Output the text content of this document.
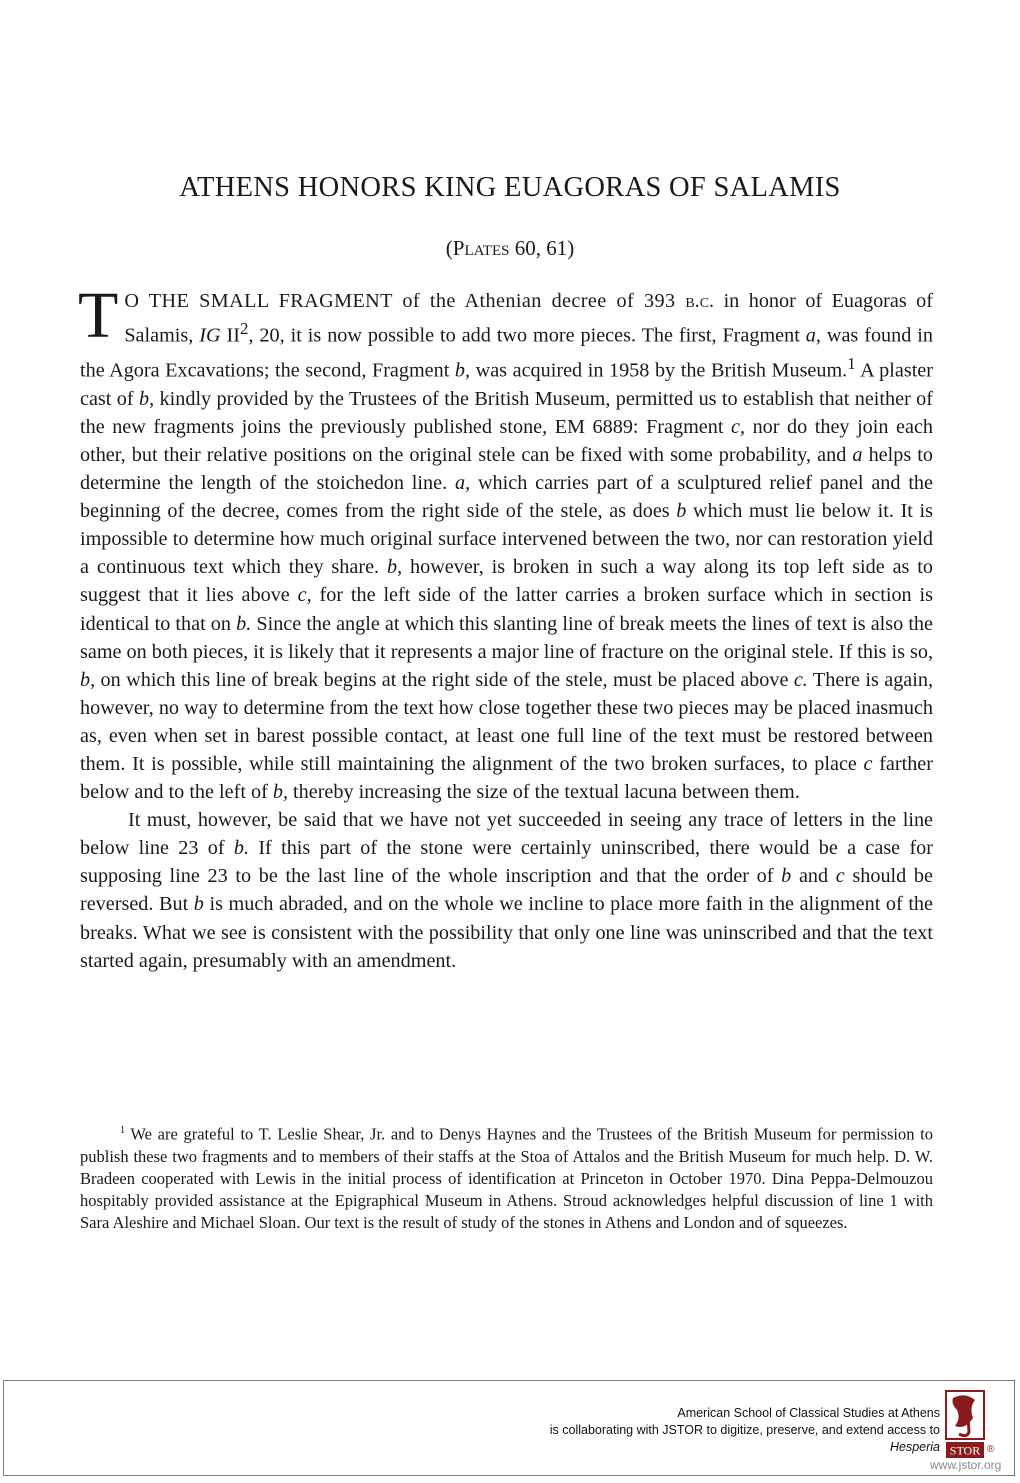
ATHENS HONORS KING EUAGORAS OF SALAMIS
(Plates 60, 61)

T O THE SMALL FRAGMENT of the Athenian decree of 393 b.c. in honor of Euagoras of Salamis, IG $II^2$, 20, it is now possible to add two more pieces. The first, Fragment a, was found in the Agora Excavations; the second, Fragment b, was acquired in 1958 by the British Museum.$^1$ A plaster cast of b, kindly provided by the Trustees of the British Museum, permitted us to establish that neither of the new fragments joins the previously published stone, EM 6889: Fragment c, nor do they join each other, but their relative positions on the original stele can be fixed with some probability, and a helps to determine the length of the stoichedon line. a, which carries part of a sculptured relief panel and the beginning of the decree, comes from the right side of the stele, as does b which must lie below it. It is impossible to determine how much original surface intervened between the two, nor can restoration yield a continuous text which they share. b, however, is broken in such a way along its top left side as to suggest that it lies above c, for the left side of the latter carries a broken surface which in section is identical to that on b. Since the angle at which this slanting line of break meets the lines of text is also the same on both pieces, it is likely that it represents a major line of fracture on the original stele. If this is so, b, on which this line of break begins at the right side of the stele, must be placed above c. There is again, however, no way to determine from the text how close together these two pieces may be placed inasmuch as, even when set in barest possible contact, at least one full line of the text must be restored between them. It is possible, while still maintaining the alignment of the two broken surfaces, to place c farther below and to the left of b, thereby increasing the size of the textual lacuna between them.

It must, however, be said that we have not yet succeeded in seeing any trace of letters in the line below line 23 of b. If this part of the stone were certainly uninscribed, there would be a case for supposing line 23 to be the last line of the whole inscription and that the order of b and c should be reversed. But b is much abraded, and on the whole we incline to place more faith in the alignment of the breaks. What we see is consistent with the possibility that only one line was uninscribed and that the text started again, presumably with an amendment.

$^1$ We are grateful to T. Leslie Shear, Jr. and to Denys Haynes and the Trustees of the British Museum for permission to publish these two fragments and to members of their staffs at the Stoa of Attalos and the British Museum for much help. D. W. Bradeen cooperated with Lewis in the initial process of identification at Princeton in October 1970. Dina Peppa-Delmouzou hospitably provided assistance at the Epigraphical Museum in Athens. Stroud acknowledges helpful discussion of line 1 with Sara Aleshire and Michael Sloan. Our text is the result of study of the stones in Athens and London and of squeezes.

American School of Classical Studies at Athens
is collaborating with JSTOR to digitize, preserve, and extend access to
Hesperia STOR ®
www.jstor.org
